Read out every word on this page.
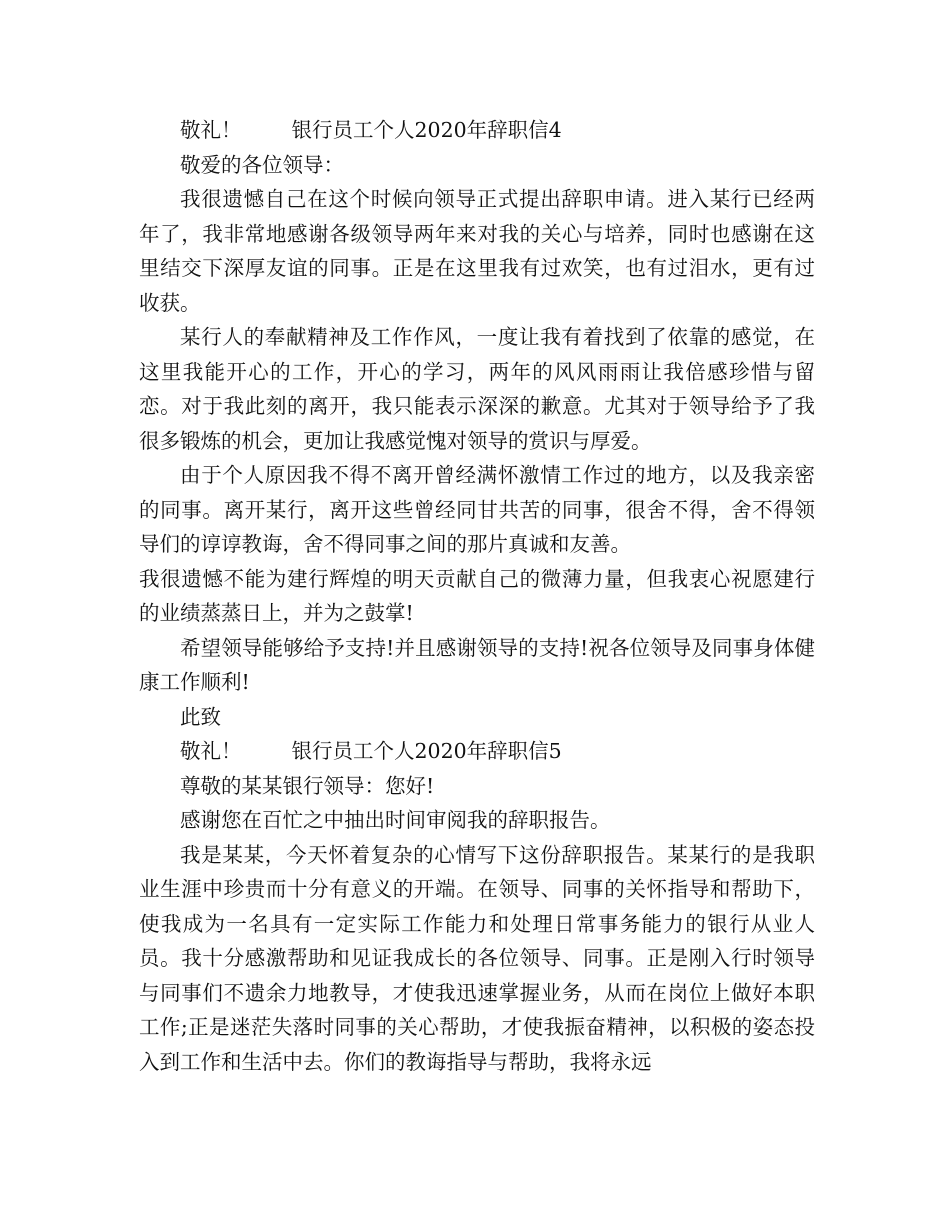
敬礼！ 银行员工个人2020年辞职信4

敬爱的各位领导：

我很遗憾自己在这个时候向领导正式提出辞职申请。进入某行已经两年了，我非常地感谢各级领导两年来对我的关心与培养，同时也感谢在这里结交下深厚友谊的同事。正是在这里我有过欢笑，也有过泪水，更有过收获。

某行人的奉献精神及工作作风，一度让我有着找到了依靠的感觉，在这里我能开心的工作，开心的学习，两年的风风雨雨让我倍感珍惜与留恋。对于我此刻的离开，我只能表示深深的歉意。尤其对于领导给予了我很多锻炼的机会，更加让我感觉愧对领导的赏识与厚爱。

由于个人原因我不得不离开曾经满怀激情工作过的地方，以及我亲密的同事。离开某行，离开这些曾经同甘共苦的同事，很舍不得，舍不得领导们的谆谆教诲，舍不得同事之间的那片真诚和友善。

我很遗憾不能为建行辉煌的明天贡献自己的微薄力量，但我衷心祝愿建行的业绩蒸蒸日上，并为之鼓掌!

希望领导能够给予支持!并且感谢领导的支持!祝各位领导及同事身体健康工作顺利!

此致

敬礼！ 银行员工个人2020年辞职信5

尊敬的某某银行领导：您好!

感谢您在百忙之中抽出时间审阅我的辞职报告。

我是某某，今天怀着复杂的心情写下这份辞职报告。某某行的是我职业生涯中珍贵而十分有意义的开端。在领导、同事的关怀指导和帮助下，使我成为一名具有一定实际工作能力和处理日常事务能力的银行从业人员。我十分感激帮助和见证我成长的各位领导、同事。正是刚入行时领导与同事们不遗余力地教导，才使我迅速掌握业务，从而在岗位上做好本职工作;正是迷茫失落时同事的关心帮助，才使我振奋精神，以积极的姿态投入到工作和生活中去。你们的教诲指导与帮助，我将永远
